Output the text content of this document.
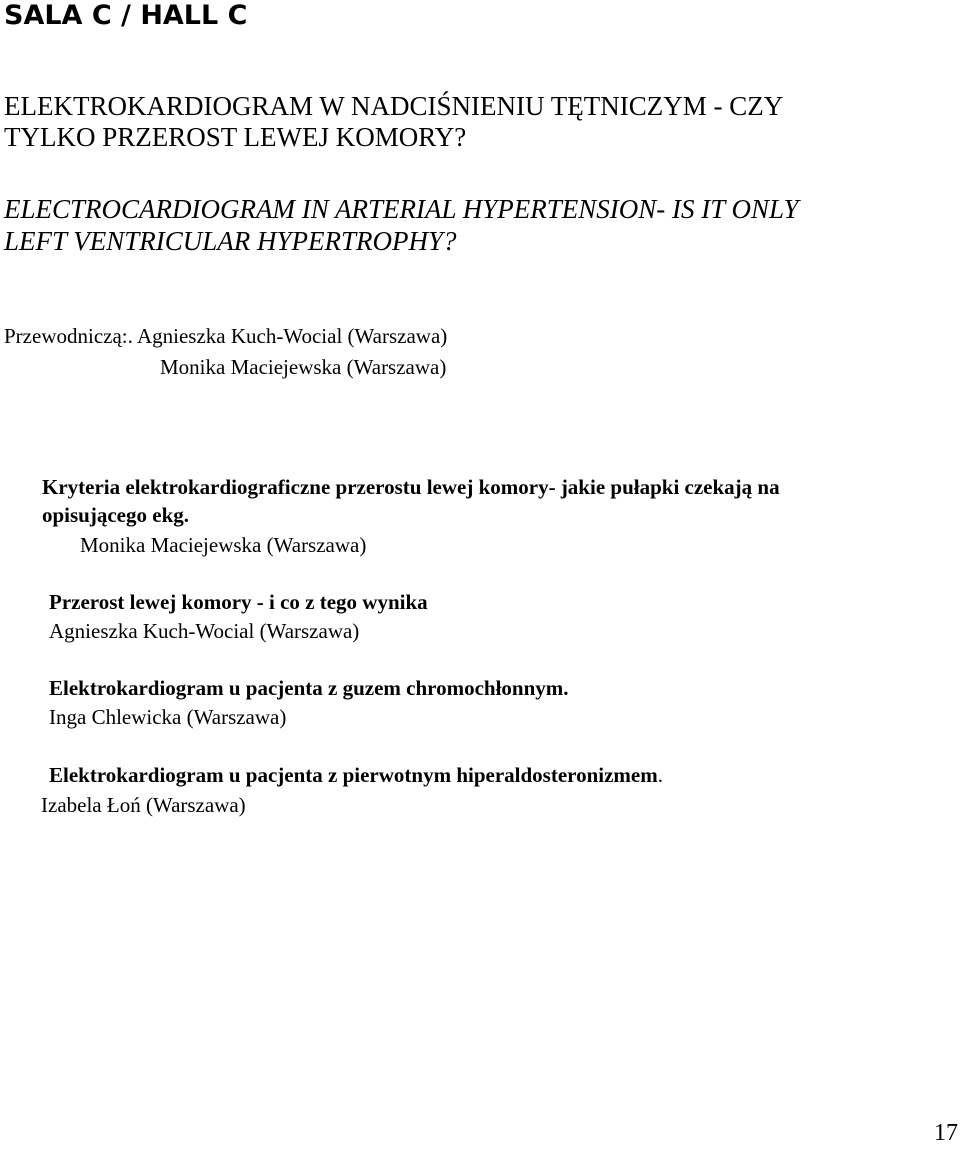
SALA C / HALL C
ELEKTROKARDIOGRAM W NADCIŚNIENIU TĘTNICZYM - CZY
TYLKO PRZEROST LEWEJ KOMORY?
ELECTROCARDIOGRAM IN ARTERIAL HYPERTENSION- IS IT ONLY
LEFT VENTRICULAR HYPERTROPHY?
Przewodniczą:. Agnieszka Kuch-Wocial (Warszawa)
Monika Maciejewska (Warszawa)
Kryteria elektrokardiograficzne przerostu lewej komory- jakie pułapki czekają na
opisującego ekg.
Monika Maciejewska (Warszawa)
Przerost lewej komory - i co z tego wynika
Agnieszka Kuch-Wocial (Warszawa)
Elektrokardiogram u pacjenta z guzem chromochłonnym.
Inga Chlewicka (Warszawa)
Elektrokardiogram u pacjenta z pierwotnym hiperaldosteronizmem.
Izabela Łoń (Warszawa)
17
